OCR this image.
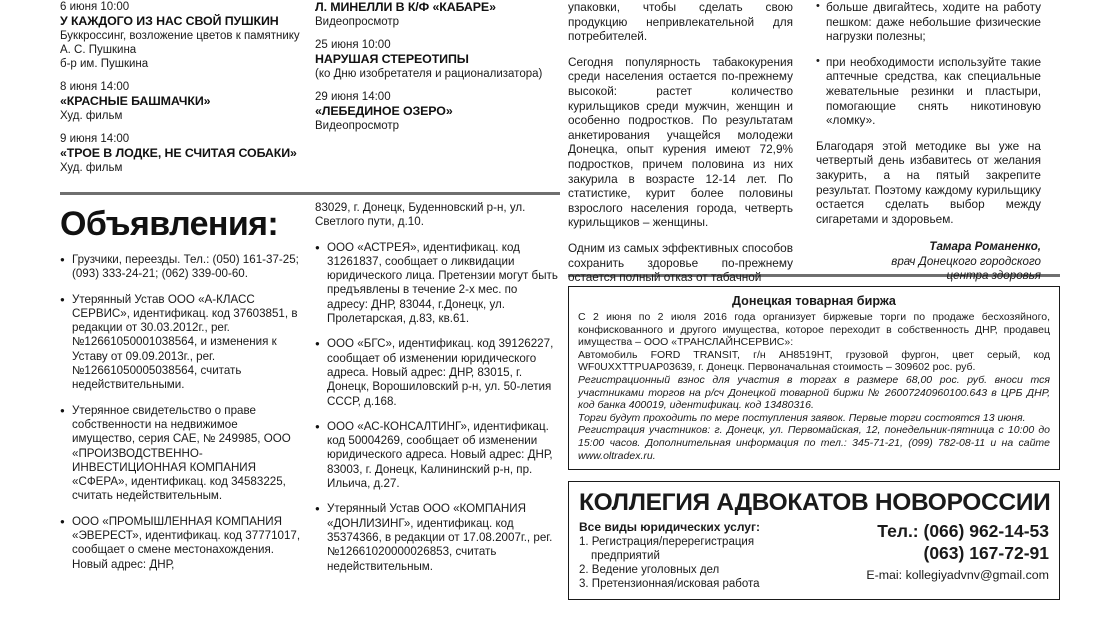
6 июня 10:00
У КАЖДОГО ИЗ НАС СВОЙ ПУШКИН
Буккроссинг, возложение цветов к памятнику А. С. Пушкина
б-р им. Пушкина
8 июня 14:00
«КРАСНЫЕ БАШМАЧКИ»
Худ. фильм
9 июня 14:00
«ТРОЕ В ЛОДКЕ, НЕ СЧИТАЯ СОБАКИ»
Худ. фильм
Л. МИНЕЛЛИ В К/Ф «КАБАРЕ»
Видеопросмотр
25 июня 10:00
НАРУШАЯ СТЕРЕОТИПЫ
(ко Дню изобретателя и рационализатора)
29 июня 14:00
«ЛЕБЕДИНОЕ ОЗЕРО»
Видеопросмотр
Объявления:

● Грузчики, переезды. Тел.: (050) 161-37-25; (093) 333-24-21; (062) 339-00-60.

● Утерянный Устав ООО «А-КЛАСС СЕРВИС», идентификац. код 37603851, в редакции от 30.03.2012г., рег.№12661050001038564, и изменения к Уставу от 09.09.2013г., рег.№12661050005038564, считать недействительными.

● Утерянное свидетельство о праве собственности на недвижимое имущество, серия САЕ, № 249985, ООО «ПРОИЗВОДСТВЕННО-ИНВЕСТИЦИОННАЯ КОМПАНИЯ «СФЕРА», идентификац. код 34583225, считать недействительным.

● ООО «ПРОМЫШЛЕННАЯ КОМПАНИЯ «ЭВЕРЕСТ», идентификац. код 37771017, сообщает о смене местонахождения. Новый адрес: ДНР,

83029, г. Донецк, Буденновский р-н, ул. Светлого пути, д.10.

● ООО «АСТРЕЯ», идентификац. код 31261837, сообщает о ликвидации юридического лица. Претензии могут быть предъявлены в течение 2-х мес. по адресу: ДНР, 83044, г.Донецк, ул. Пролетарская, д.83, кв.61.

● ООО «БГС», идентификац. код 39126227, сообщает об изменении юридического адреса. Новый адрес: ДНР, 83015, г. Донецк, Ворошиловский р-н, ул. 50-летия СССР, д.168.

● ООО «АС-КОНСАЛТИНГ», идентификац. код 50004269, сообщает об изменении юридического адреса. Новый адрес: ДНР, 83003, г. Донецк, Калининский р-н, пр. Ильича, д.27.

● Утерянный Устав ООО «КОМПАНИЯ «ДОНЛИЗИНГ», идентификац. код 35374366, в редакции от 17.08.2007г., рег.№12661020000026853, считать недействительным.

упаковки, чтобы сделать свою продукцию непривлекательной для потребителей.

Сегодня популярность табакокурения среди населения остается по-прежнему высокой: растет количество курильщиков среди мужчин, женщин и особенно подростков. По результатам анкетирования учащейся молодежи Донецка, опыт курения имеют 72,9% подростков, причем половина из них закурила в возрасте 12-14 лет. По статистике, курит более половины взрослого населения города, четверть курильщиков – женщины.

Одним из самых эффективных способов сохранить здоровье по-прежнему остается полный отказ от табачной

• больше двигайтесь, ходите на работу пешком: даже небольшие физические нагрузки полезны;

• при необходимости используйте такие аптечные средства, как специальные жевательные резинки и пластыри, помогающие снять никотиновую «ломку».

Благодаря этой методике вы уже на четвертый день избавитесь от желания закурить, а на пятый закрепите результат. Поэтому каждому курильщику остается сделать выбор между сигаретами и здоровьем.

Тамара Романенко,
врач Донецкого городского
центра здоровья
Донецкая товарная биржа

С 2 июня по 2 июля 2016 года организует биржевые торги по продаже бесхозяйного, конфискованного и другого имущества, которое переходит в собственность ДНР, продавец имущества – ООО «ТРАНСЛАЙНСЕРВИС»:

Автомобиль FORD TRANSIT, г/н АН8519НТ, грузовой фургон, цвет серый, код WF0UXXTTPUAP03639, г. Донецк. Первоначальная стоимость – 309602 рос. руб.

Регистрационный взнос для участия в торгах в размере 68,00 рос. руб. вноси тся участниками торгов на р/сч Донецкой товарной биржи № 26007240960100.643 в ЦРБ ДНР, код банка 400019, идентификац. код 13480316.

Торги будут проходить по мере поступления заявок. Первые торги состоятся 13 июня.

Регистрация участников: г. Донецк, ул. Первомайская, 12, понедельник-пятница с 10:00 до 15:00 часов. Дополнительная информация по тел.: 345-71-21, (099) 782-08-11 и на сайте www.oltradex.ru.

КОЛЛЕГИЯ АДВОКАТОВ НОВОРОССИИ
Все виды юридических услуг:
1. Регистрация/перерегистрация
предприятий
2. Ведение уголовных дел
3. Претензионная/исковая работа
Тел.: (066) 962-14-53
(063) 167-72-91
E-mai: kollegiyadvnv@gmail.com
